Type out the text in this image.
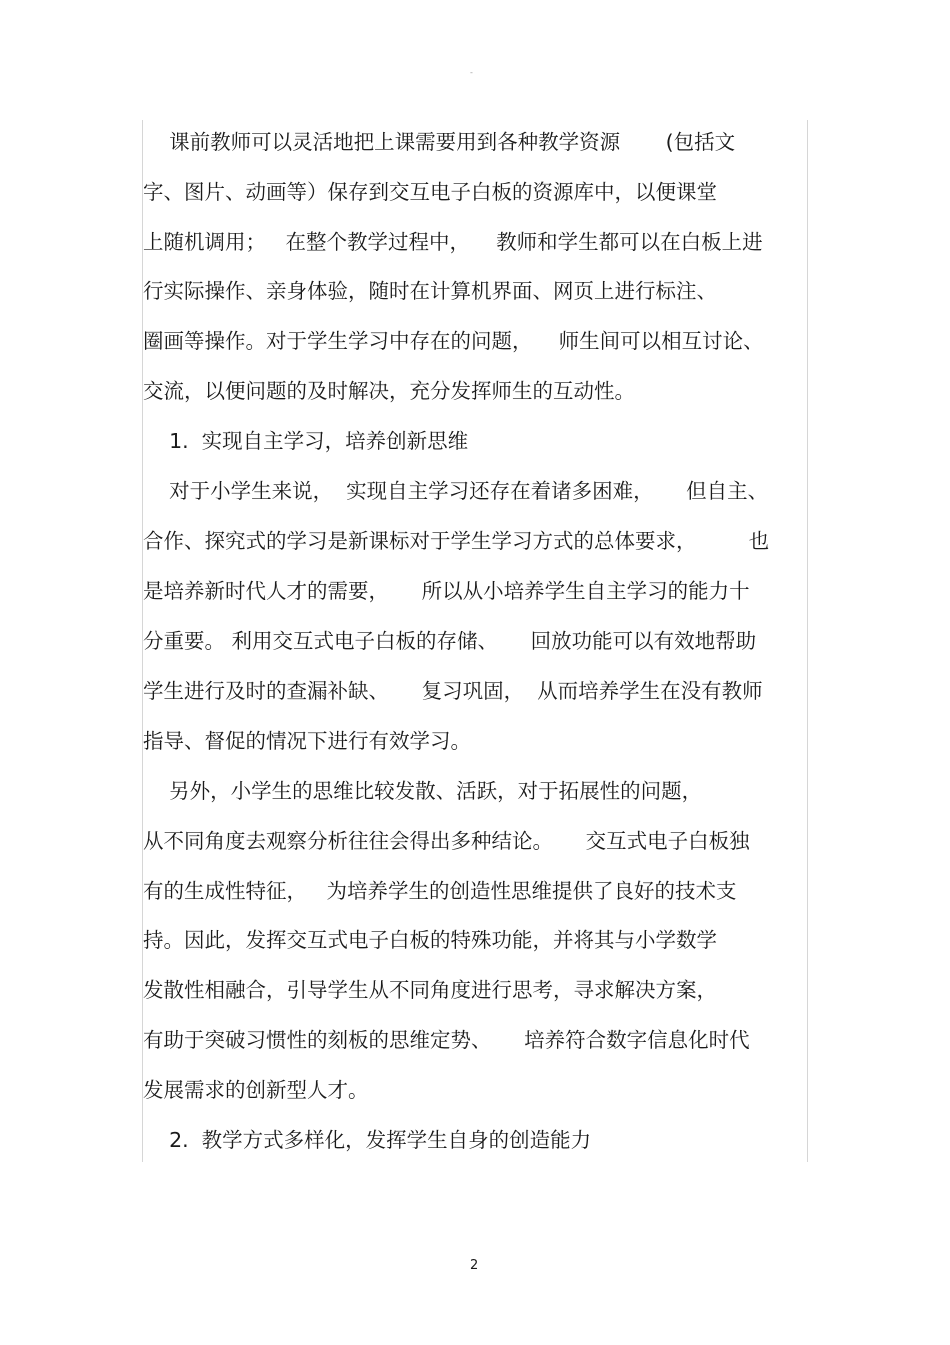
-
课前教师可以灵活地把上课需要用到各种教学资源       (包括文
字、图片、动画等）保存到交互电子白板的资源库中，以便课堂
上随机调用；   在整个教学过程中，    教师和学生都可以在白板上进
行实际操作、亲身体验，随时在计算机界面、网页上进行标注、
圈画等操作。对于学生学习中存在的问题，    师生间可以相互讨论、
交流，以便问题的及时解决，充分发挥师生的互动性。
1.  实现自主学习，培养创新思维
对于小学生来说，  实现自主学习还存在着诸多困难，     但自主、
合作、探究式的学习是新课标对于学生学习方式的总体要求，        也
是培养新时代人才的需要，     所以从小培养学生自主学习的能力十
分重要。 利用交互式电子白板的存储、     回放功能可以有效地帮助
学生进行及时的查漏补缺、     复习巩固，  从而培养学生在没有教师
指导、督促的情况下进行有效学习。
另外，小学生的思维比较发散、活跃，对于拓展性的问题，
从不同角度去观察分析往往会得出多种结论。     交互式电子白板独
有的生成性特征，   为培养学生的创造性思维提供了良好的技术支
持。因此，发挥交互式电子白板的特殊功能，并将其与小学数学
发散性相融合，引导学生从不同角度进行思考，寻求解决方案，
有助于突破习惯性的刻板的思维定势、     培养符合数字信息化时代
发展需求的创新型人才。
2.  教学方式多样化，发挥学生自身的创造能力
2
